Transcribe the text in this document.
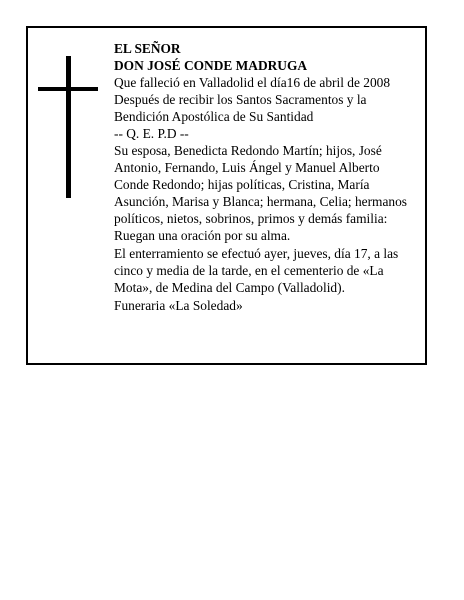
EL SEÑOR

DON JOSÉ CONDE MADRUGA

Que falleció en Valladolid el día16 de abril de 2008

Después de recibir los Santos Sacramentos y la Bendición Apostólica de Su Santidad

-- Q. E. P.D --

Su esposa, Benedicta Redondo Martín; hijos, José Antonio, Fernando, Luis Ángel y Manuel Alberto Conde Redondo; hijas políticas, Cristina, María Asunción, Marisa y Blanca; hermana, Celia; hermanos políticos, nietos, sobrinos, primos y demás familia:

Ruegan una oración por su alma.

El enterramiento se efectuó ayer, jueves, día 17, a las cinco y media de la tarde, en el cementerio de «La Mota», de Medina del Campo (Valladolid).

Funeraria «La Soledad»
